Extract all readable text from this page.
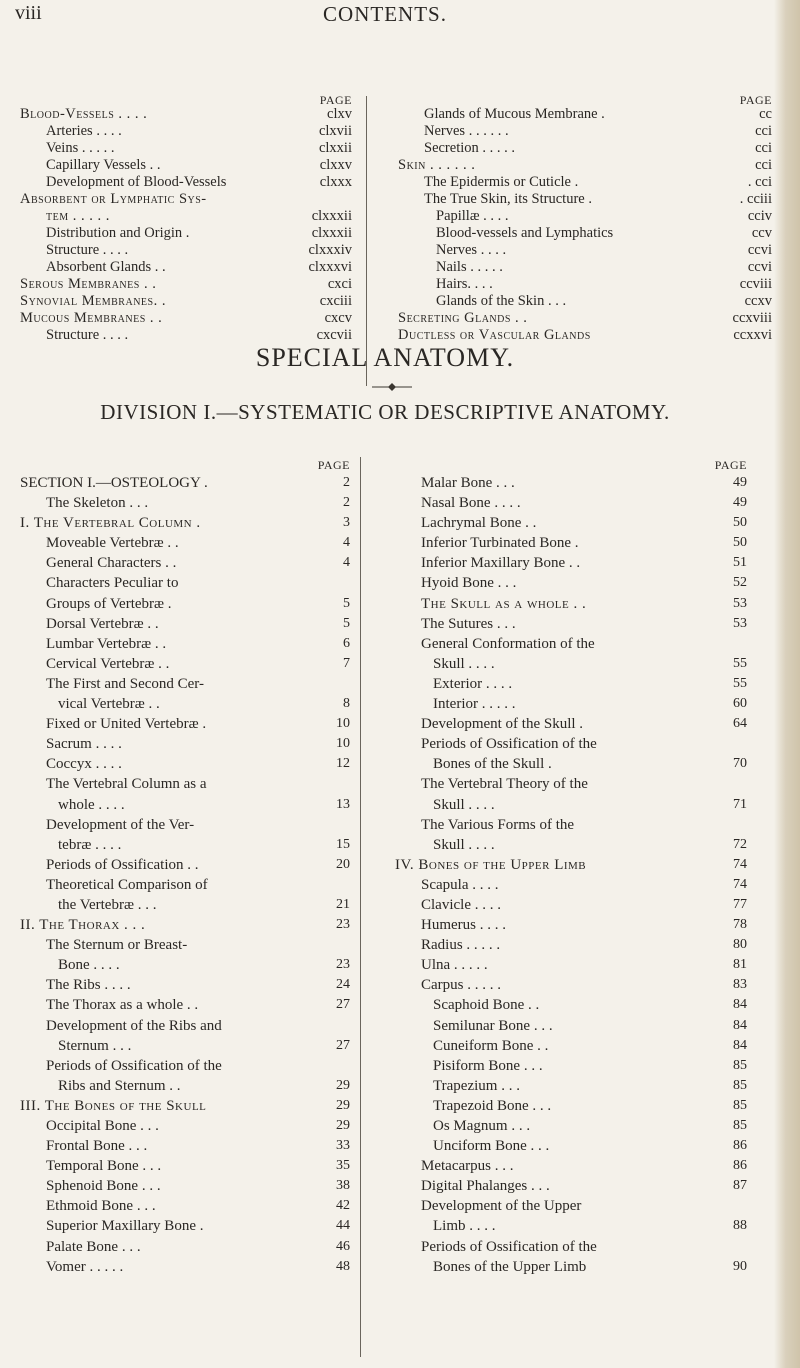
viii	CONTENTS.
PAGE
Blood-Vessels . . . .	clxv
Arteries . . . .	clxvii
Veins . . . . .	clxxii
Capillary Vessels . .	clxxv
Development of Blood-Vessels	clxxx
Absorbent or Lymphatic Sys-
tem . . . . .	clxxxii
Distribution and Origin .	clxxxii
Structure . . . .	clxxxiv
Absorbent Glands . .	clxxxvi
Serous Membranes . .	cxci
Synovial Membranes. .	cxciii
Mucous Membranes . .	cxcv
Structure . . . .	cxcvii
PAGE
Glands of Mucous Membrane .	cc
Nerves . . . . . .	cci
Secretion . . . . .	cci
Skin . . . . . .	cci
The Epidermis or Cuticle .	. cci
The True Skin, its Structure .	. cciii
Papillæ . . . .	cciv
Blood-vessels and Lymphatics	ccv
Nerves . . . .	ccvi
Nails . . . . .	ccvi
Hairs. . . .	ccviii
Glands of the Skin . . .	ccxv
Secreting Glands . .	ccxviii
Ductless or Vascular Glands	ccxxvi
SPECIAL ANATOMY.
DIVISION I.—SYSTEMATIC OR DESCRIPTIVE ANATOMY.
PAGE
SECTION I.—OSTEOLOGY .	2
The Skeleton . . .	2
I. The Vertebral Column .	3
Moveable Vertebræ . .	4
General Characters . .	4
Characters Peculiar to
Groups of Vertebræ .	5
Dorsal Vertebræ . .	5
Lumbar Vertebræ . .	6
Cervical Vertebræ . .	7
The First and Second Cer-
vical Vertebræ . .	8
Fixed or United Vertebræ .	10
Sacrum . . . .	10
Coccyx . . . .	12
The Vertebral Column as a
whole . . . .	13
Development of the Ver-
tebræ . . . .	15
Periods of Ossification . .	20
Theoretical Comparison of
the Vertebræ . . .	21
II. The Thorax . . .	23
The Sternum or Breast-
Bone . . . .	23
The Ribs . . . .	24
The Thorax as a whole . .	27
Development of the Ribs and
Sternum . . .	27
Periods of Ossification of the
Ribs and Sternum . .	29
III. The Bones of the Skull	29
Occipital Bone . . .	29
Frontal Bone . . .	33
Temporal Bone . . .	35
Sphenoid Bone . . .	38
Ethmoid Bone . . .	42
Superior Maxillary Bone .	44
Palate Bone . . .	46
Vomer . . . . .	48
PAGE
Malar Bone . . .	49
Nasal Bone . . . .	49
Lachrymal Bone . .	50
Inferior Turbinated Bone .	50
Inferior Maxillary Bone . .	51
Hyoid Bone . . .	52
The Skull as a whole . .	53
The Sutures . . .	53
General Conformation of the
Skull . . . .	55
Exterior . . . .	55
Interior . . . . .	60
Development of the Skull .	64
Periods of Ossification of the
Bones of the Skull .	70
The Vertebral Theory of the
Skull . . . .	71
The Various Forms of the
Skull . . . .	72
IV. Bones of the Upper Limb	74
Scapula . . . .	74
Clavicle . . . .	77
Humerus . . . .	78
Radius . . . . .	80
Ulna . . . . .	81
Carpus . . . . .	83
Scaphoid Bone . .	84
Semilunar Bone . . .	84
Cuneiform Bone . .	84
Pisiform Bone . . .	85
Trapezium . . .	85
Trapezoid Bone . . .	85
Os Magnum . . .	85
Unciform Bone . . .	86
Metacarpus . . .	86
Digital Phalanges . . .	87
Development of the Upper
Limb . . . .	88
Periods of Ossification of the
Bones of the Upper Limb	90
